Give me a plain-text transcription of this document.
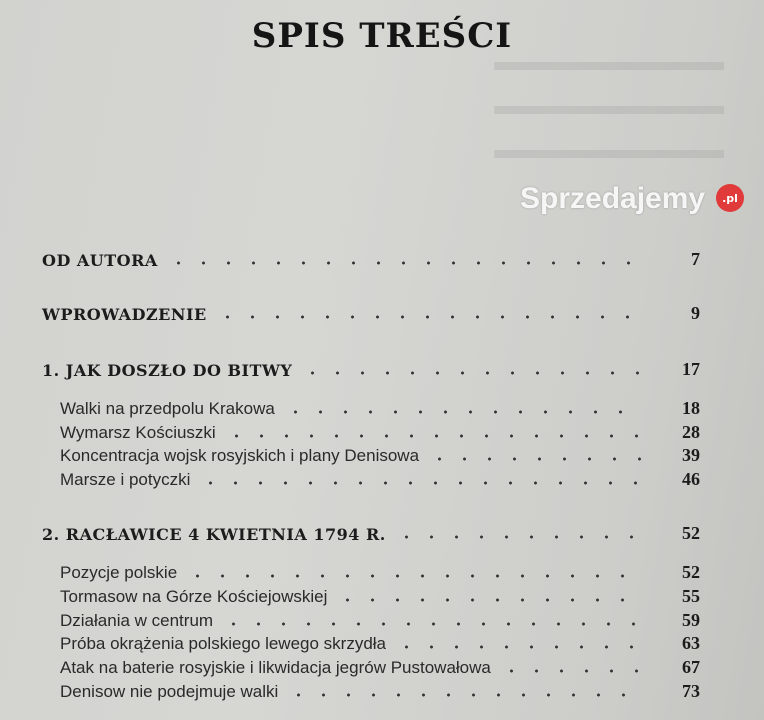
SPIS TREŚCI
OD AUTORA	7
WPROWADZENIE	9
1. JAK DOSZŁO DO BITWY	17
Walki na przedpolu Krakowa	18
Wymarsz Kościuszki	28
Koncentracja wojsk rosyjskich i plany Denisowa	39
Marsze i potyczki	46
2. RACŁAWICE 4 KWIETNIA 1794 R.	52
Pozycje polskie	52
Tormasow na Górze Kościejowskiej	55
Działania w centrum	59
Próba okrążenia polskiego lewego skrzydła	63
Atak na baterie rosyjskie i likwidacja jegrów Pustowałowa	67
Denisow nie podejmuje walki	73
Sprzedajemy	.pl
